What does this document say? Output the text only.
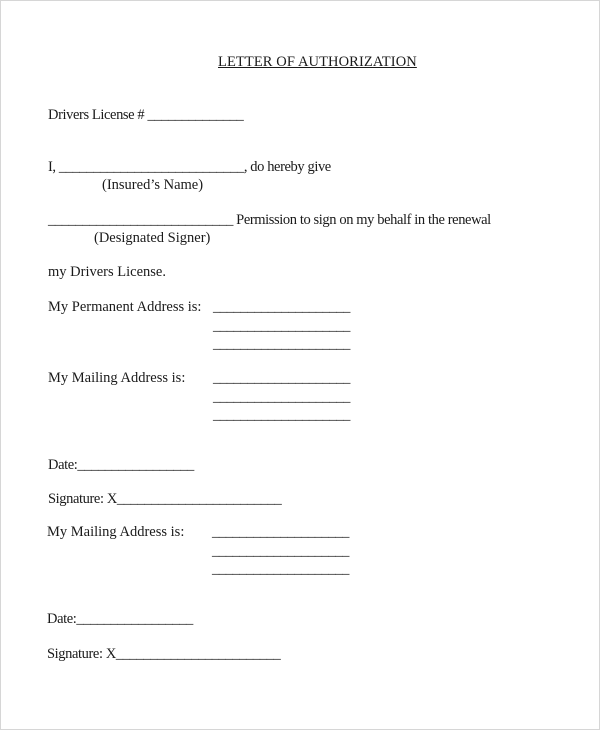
LETTER OF AUTHORIZATION
Drivers License # ______________
I, ___________________________, do hereby give
(Insured’s Name)
___________________________ Permission to sign on my behalf in the renewal
(Designated Signer)
my Drivers License.
My Permanent Address is: ____________________
____________________
____________________
My Mailing Address is: ____________________
____________________
____________________
Date:_________________
Signature: X________________________
My Mailing Address is: ____________________
____________________
____________________
Date:_________________
Signature: X________________________
